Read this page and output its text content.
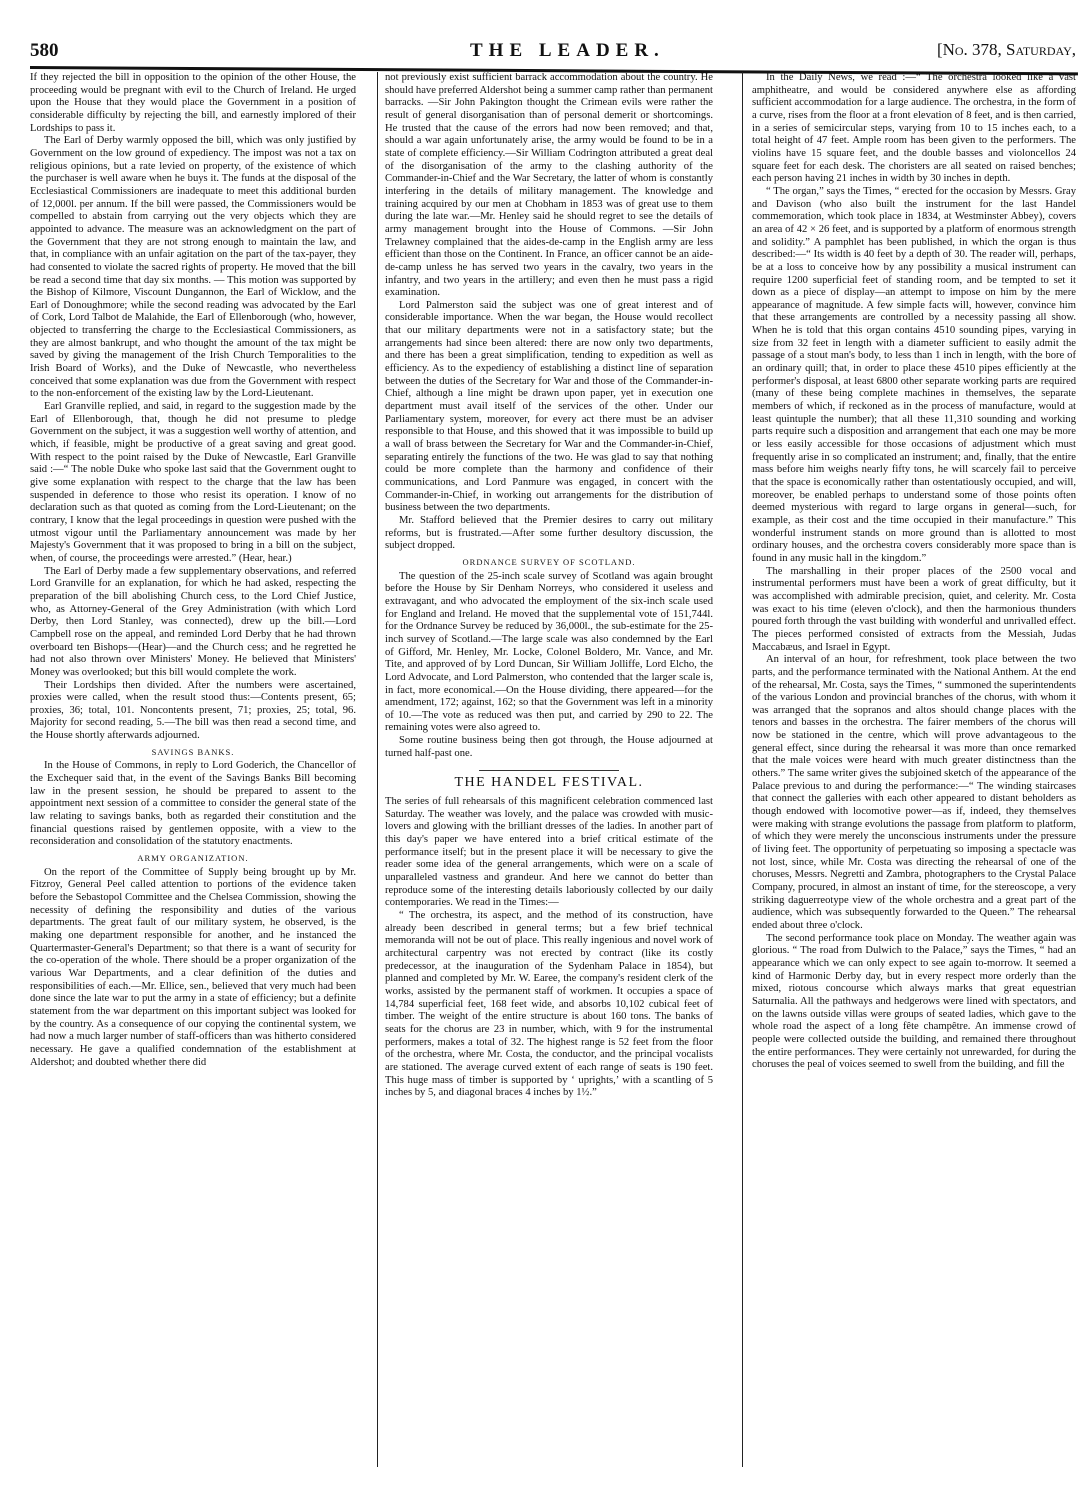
580	THE LEADER.	[No. 378, Saturday,

If they rejected the bill in opposition to the opinion of the other House, the proceeding would be pregnant with evil to the Church of Ireland. He urged upon the House that they would place the Government in a position of considerable difficulty by rejecting the bill, and earnestly implored of their Lordships to pass it.

The Earl of Derby warmly opposed the bill, which was only justified by Government on the low ground of expediency. The impost was not a tax on religious opinions, but a rate levied on property, of the existence of which the purchaser is well aware when he buys it. The funds at the disposal of the Ecclesiastical Commissioners are inadequate to meet this additional burden of 12,000l. per annum. If the bill were passed, the Commissioners would be compelled to abstain from carrying out the very objects which they are appointed to advance. The measure was an acknowledgment on the part of the Government that they are not strong enough to maintain the law, and that, in compliance with an unfair agitation on the part of the tax-payer, they had consented to violate the sacred rights of property. He moved that the bill be read a second time that day six months. — This motion was supported by the Bishop of Kilmore, Viscount Dungannon, the Earl of Wicklow, and the Earl of Donoughmore; while the second reading was advocated by the Earl of Cork, Lord Talbot de Malahide, the Earl of Ellenborough (who, however, objected to transferring the charge to the Ecclesiastical Commissioners, as they are almost bankrupt, and who thought the amount of the tax might be saved by giving the management of the Irish Church Temporalities to the Irish Board of Works), and the Duke of Newcastle, who nevertheless conceived that some explanation was due from the Government with respect to the non-enforcement of the existing law by the Lord-Lieutenant.

Earl Granville replied, and said, in regard to the suggestion made by the Earl of Ellenborough, that, though he did not presume to pledge Government on the subject, it was a suggestion well worthy of attention, and which, if feasible, might be productive of a great saving and great good. With respect to the point raised by the Duke of Newcastle, Earl Granville said :—“ The noble Duke who spoke last said that the Government ought to give some explanation with respect to the charge that the law has been suspended in deference to those who resist its operation. I know of no declaration such as that quoted as coming from the Lord-Lieutenant; on the contrary, I know that the legal proceedings in question were pushed with the utmost vigour until the Parliamentary announcement was made by her Majesty's Government that it was proposed to bring in a bill on the subject, when, of course, the proceedings were arrested.” (Hear, hear.)

The Earl of Derby made a few supplementary observations, and referred Lord Granville for an explanation, for which he had asked, respecting the preparation of the bill abolishing Church cess, to the Lord Chief Justice, who, as Attorney-General of the Grey Administration (with which Lord Derby, then Lord Stanley, was connected), drew up the bill.—Lord Campbell rose on the appeal, and reminded Lord Derby that he had thrown overboard ten Bishops—(Hear)—and the Church cess; and he regretted he had not also thrown over Ministers' Money. He believed that Ministers' Money was overlooked; but this bill would complete the work.

Their Lordships then divided. After the numbers were ascertained, proxies were called, when the result stood thus:—Contents present, 65; proxies, 36; total, 101. Noncontents present, 71; proxies, 25; total, 96. Majority for second reading, 5.—The bill was then read a second time, and the House shortly afterwards adjourned.

SAVINGS BANKS.

In the House of Commons, in reply to Lord Goderich, the Chancellor of the Exchequer said that, in the event of the Savings Banks Bill becoming law in the present session, he should be prepared to assent to the appointment next session of a committee to consider the general state of the law relating to savings banks, both as regarded their constitution and the financial questions raised by gentlemen opposite, with a view to the reconsideration and consolidation of the statutory enactments.

ARMY ORGANIZATION.

On the report of the Committee of Supply being brought up by Mr. Fitzroy, General Peel called attention to portions of the evidence taken before the Sebastopol Committee and the Chelsea Commission, showing the necessity of defining the responsibility and duties of the various departments. The great fault of our military system, he observed, is the making one department responsible for another, and he instanced the Quartermaster-General's Department; so that there is a want of security for the co-operation of the whole. There should be a proper organization of the various War Departments, and a clear definition of the duties and responsibilities of each.—Mr. Ellice, sen., believed that very much had been done since the late war to put the army in a state of efficiency; but a definite statement from the war department on this important subject was looked for by the country. As a consequence of our copying the continental system, we had now a much larger number of staff-officers than was hitherto considered necessary. He gave a qualified condemnation of the establishment at Aldershot; and doubted whether there did

not previously exist sufficient barrack accommodation about the country. He should have preferred Aldershot being a summer camp rather than permanent barracks. —Sir John Pakington thought the Crimean evils were rather the result of general disorganisation than of personal demerit or shortcomings. He trusted that the cause of the errors had now been removed; and that, should a war again unfortunately arise, the army would be found to be in a state of complete efficiency.—Sir William Codrington attributed a great deal of the disorganisation of the army to the clashing authority of the Commander-in-Chief and the War Secretary, the latter of whom is constantly interfering in the details of military management. The knowledge and training acquired by our men at Chobham in 1853 was of great use to them during the late war.—Mr. Henley said he should regret to see the details of army management brought into the House of Commons. —Sir John Trelawney complained that the aides-de-camp in the English army are less efficient than those on the Continent. In France, an officer cannot be an aide-de-camp unless he has served two years in the cavalry, two years in the infantry, and two years in the artillery; and even then he must pass a rigid examination.

Lord Palmerston said the subject was one of great interest and of considerable importance. When the war began, the House would recollect that our military departments were not in a satisfactory state; but the arrangements had since been altered: there are now only two departments, and there has been a great simplification, tending to expedition as well as efficiency. As to the expediency of establishing a distinct line of separation between the duties of the Secretary for War and those of the Commander-in-Chief, although a line might be drawn upon paper, yet in execution one department must avail itself of the services of the other. Under our Parliamentary system, moreover, for every act there must be an adviser responsible to that House, and this showed that it was impossible to build up a wall of brass between the Secretary for War and the Commander-in-Chief, separating entirely the functions of the two. He was glad to say that nothing could be more complete than the harmony and confidence of their communications, and Lord Panmure was engaged, in concert with the Commander-in-Chief, in working out arrangements for the distribution of business between the two departments.

Mr. Stafford believed that the Premier desires to carry out military reforms, but is frustrated.—After some further desultory discussion, the subject dropped.

ORDNANCE SURVEY OF SCOTLAND.

The question of the 25-inch scale survey of Scotland was again brought before the House by Sir Denham Norreys, who considered it useless and extravagant, and who advocated the employment of the six-inch scale used for England and Ireland. He moved that the supplemental vote of 151,744l. for the Ordnance Survey be reduced by 36,000l., the sub-estimate for the 25-inch survey of Scotland.—The large scale was also condemned by the Earl of Gifford, Mr. Henley, Mr. Locke, Colonel Boldero, Mr. Vance, and Mr. Tite, and approved of by Lord Duncan, Sir William Jolliffe, Lord Elcho, the Lord Advocate, and Lord Palmerston, who contended that the larger scale is, in fact, more economical.—On the House dividing, there appeared—for the amendment, 172; against, 162; so that the Government was left in a minority of 10.—The vote as reduced was then put, and carried by 290 to 22. The remaining votes were also agreed to.

Some routine business being then got through, the House adjourned at turned half-past one.

THE HANDEL FESTIVAL.

The series of full rehearsals of this magnificent celebration commenced last Saturday. The weather was lovely, and the palace was crowded with music-lovers and glowing with the brilliant dresses of the ladies. In another part of this day's paper we have entered into a brief critical estimate of the performance itself; but in the present place it will be necessary to give the reader some idea of the general arrangements, which were on a scale of unparalleled vastness and grandeur. And here we cannot do better than reproduce some of the interesting details laboriously collected by our daily contemporaries. We read in the Times:—

“ The orchestra, its aspect, and the method of its construction, have already been described in general terms; but a few brief technical memoranda will not be out of place. This really ingenious and novel work of architectural carpentry was not erected by contract (like its costly predecessor, at the inauguration of the Sydenham Palace in 1854), but planned and completed by Mr. W. Earee, the company's resident clerk of the works, assisted by the permanent staff of workmen. It occupies a space of 14,784 superficial feet, 168 feet wide, and absorbs 10,102 cubical feet of timber. The weight of the entire structure is about 160 tons. The banks of seats for the chorus are 23 in number, which, with 9 for the instrumental performers, makes a total of 32. The highest range is 52 feet from the floor of the orchestra, where Mr. Costa, the conductor, and the principal vocalists are stationed. The average curved extent of each range of seats is 190 feet. This huge mass of timber is supported by ‘ uprights,’ with a scantling of 5 inches by 5, and diagonal braces 4 inches by 1½.”

In the Daily News, we read :—“ The orchestra looked like a vast amphitheatre, and would be considered anywhere else as affording sufficient accommodation for a large audience. The orchestra, in the form of a curve, rises from the floor at a front elevation of 8 feet, and is then carried, in a series of semicircular steps, varying from 10 to 15 inches each, to a total height of 47 feet. Ample room has been given to the performers. The violins have 15 square feet, and the double basses and violoncellos 24 square feet for each desk. The choristers are all seated on raised benches; each person having 21 inches in width by 30 inches in depth.

“ The organ,” says the Times, “ erected for the occasion by Messrs. Gray and Davison (who also built the instrument for the last Handel commemoration, which took place in 1834, at Westminster Abbey), covers an area of 42 × 26 feet, and is supported by a platform of enormous strength and solidity.” A pamphlet has been published, in which the organ is thus described:—“ Its width is 40 feet by a depth of 30. The reader will, perhaps, be at a loss to conceive how by any possibility a musical instrument can require 1200 superficial feet of standing room, and be tempted to set it down as a piece of display—an attempt to impose on him by the mere appearance of magnitude. A few simple facts will, however, convince him that these arrangements are controlled by a necessity passing all show. When he is told that this organ contains 4510 sounding pipes, varying in size from 32 feet in length with a diameter sufficient to easily admit the passage of a stout man's body, to less than 1 inch in length, with the bore of an ordinary quill; that, in order to place these 4510 pipes efficiently at the performer's disposal, at least 6800 other separate working parts are required (many of these being complete machines in themselves, the separate members of which, if reckoned as in the process of manufacture, would at least quintuple the number); that all these 11,310 sounding and working parts require such a disposition and arrangement that each one may be more or less easily accessible for those occasions of adjustment which must frequently arise in so complicated an instrument; and, finally, that the entire mass before him weighs nearly fifty tons, he will scarcely fail to perceive that the space is economically rather than ostentatiously occupied, and will, moreover, be enabled perhaps to understand some of those points often deemed mysterious with regard to large organs in general—such, for example, as their cost and the time occupied in their manufacture.” This wonderful instrument stands on more ground than is allotted to most ordinary houses, and the orchestra covers considerably more space than is found in any music hall in the kingdom.”

The marshalling in their proper places of the 2500 vocal and instrumental performers must have been a work of great difficulty, but it was accomplished with admirable precision, quiet, and celerity. Mr. Costa was exact to his time (eleven o'clock), and then the harmonious thunders poured forth through the vast building with wonderful and unrivalled effect. The pieces performed consisted of extracts from the Messiah, Judas Maccabæus, and Israel in Egypt.

An interval of an hour, for refreshment, took place between the two parts, and the performance terminated with the National Anthem. At the end of the rehearsal, Mr. Costa, says the Times, “ summoned the superintendents of the various London and provincial branches of the chorus, with whom it was arranged that the sopranos and altos should change places with the tenors and basses in the orchestra. The fairer members of the chorus will now be stationed in the centre, which will prove advantageous to the general effect, since during the rehearsal it was more than once remarked that the male voices were heard with much greater distinctness than the others.” The same writer gives the subjoined sketch of the appearance of the Palace previous to and during the performance:—“ The winding staircases that connect the galleries with each other appeared to distant beholders as though endowed with locomotive power—as if, indeed, they themselves were making with strange evolutions the passage from platform to platform, of which they were merely the unconscious instruments under the pressure of living feet. The opportunity of perpetuating so imposing a spectacle was not lost, since, while Mr. Costa was directing the rehearsal of one of the choruses, Messrs. Negretti and Zambra, photographers to the Crystal Palace Company, procured, in almost an instant of time, for the stereoscope, a very striking daguerreotype view of the whole orchestra and a great part of the audience, which was subsequently forwarded to the Queen.” The rehearsal ended about three o'clock.

The second performance took place on Monday. The weather again was glorious. “ The road from Dulwich to the Palace,” says the Times, “ had an appearance which we can only expect to see again to-morrow. It seemed a kind of Harmonic Derby day, but in every respect more orderly than the mixed, riotous concourse which always marks that great equestrian Saturnalia. All the pathways and hedgerows were lined with spectators, and on the lawns outside villas were groups of seated ladies, which gave to the whole road the aspect of a long fête champêtre. An immense crowd of people were collected outside the building, and remained there throughout the entire performances. They were certainly not unrewarded, for during the choruses the peal of voices seemed to swell from the building, and fill the
